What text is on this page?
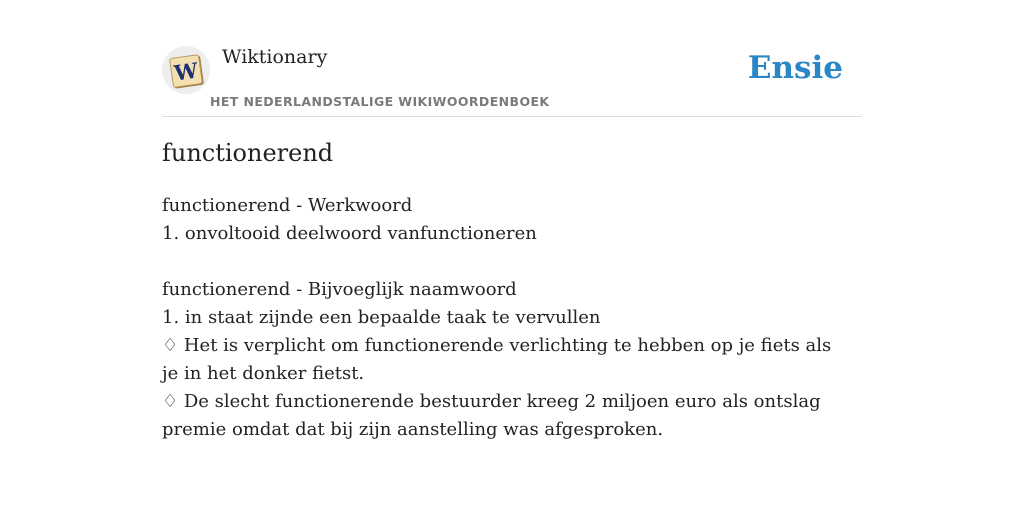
W
Wiktionary
HET NEDERLANDSTALIGE WIKIWOORDENBOEK
Ensie
functionerend

functionerend - Werkwoord

1. onvoltooid deelwoord vanfunctioneren

functionerend - Bijvoeglijk naamwoord

1. in staat zijnde een bepaalde taak te vervullen

♢ Het is verplicht om functionerende verlichting te hebben op je fiets als je in het donker fietst.

♢ De slecht functionerende bestuurder kreeg 2 miljoen euro als ontslag premie omdat dat bij zijn aanstelling was afgesproken.
